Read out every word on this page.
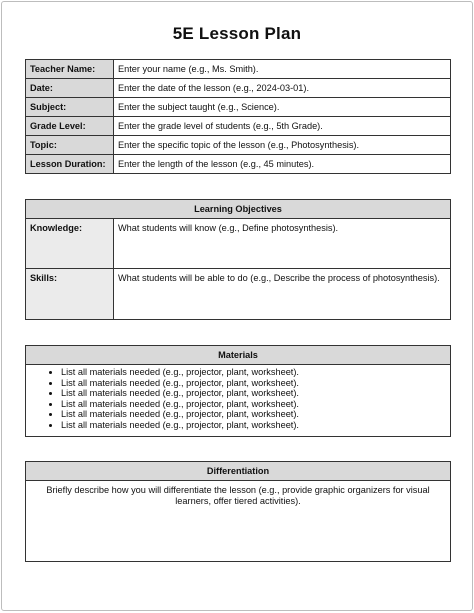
5E Lesson Plan
Teacher Name:	Enter your name (e.g., Ms. Smith).
Date:	Enter the date of the lesson (e.g., 2024-03-01).
Subject:	Enter the subject taught (e.g., Science).
Grade Level:	Enter the grade level of students (e.g., 5th Grade).
Topic:	Enter the specific topic of the lesson (e.g., Photosynthesis).
Lesson Duration:	Enter the length of the lesson (e.g., 45 minutes).
Learning Objectives	
Knowledge:	What students will know (e.g., Define photosynthesis).
Skills:	What students will be able to do (e.g., Describe the process of photosynthesis).
Materials

• List all materials needed (e.g., projector, plant, worksheet).
• List all materials needed (e.g., projector, plant, worksheet).
• List all materials needed (e.g., projector, plant, worksheet).
• List all materials needed (e.g., projector, plant, worksheet).
• List all materials needed (e.g., projector, plant, worksheet).
• List all materials needed (e.g., projector, plant, worksheet).
Differentiation
Briefly describe how you will differentiate the lesson (e.g., provide graphic organizers for visual learners, offer tiered activities).
